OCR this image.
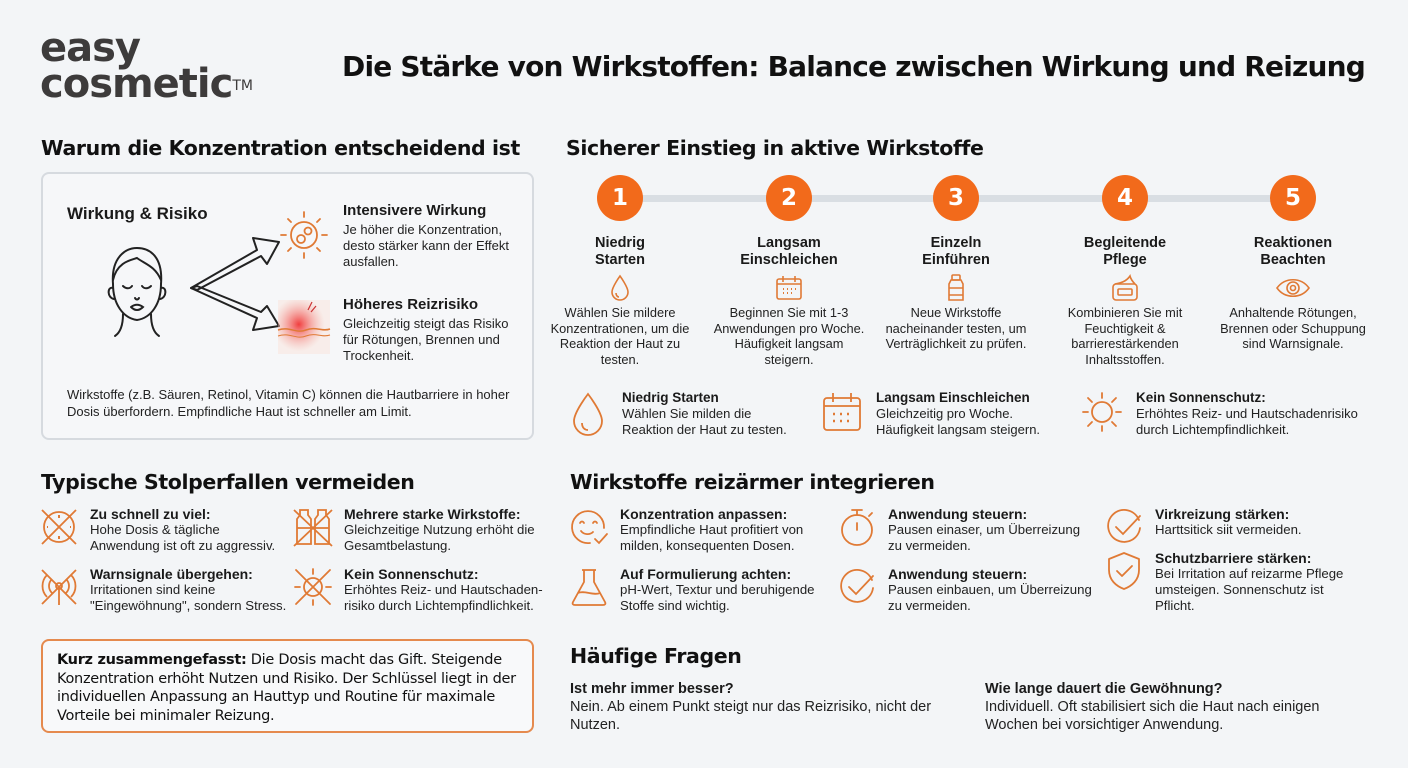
easy
cosmetic™
Die Stärke von Wirkstoffen: Balance zwischen Wirkung und Reizung
Warum die Konzentration entscheidend ist
Wirkung & Risiko	Intensivere Wirkung
Je höher die Konzentration, desto stärker kann der Effekt ausfallen.
Höheres Reizrisiko
Gleichzeitig steigt das Risiko für Rötungen, Brennen und Trockenheit.
Wirkstoffe (z.B. Säuren, Retinol, Vitamin C) können die Hautbarriere in hoher Dosis überfordern. Empfindliche Haut ist schneller am Limit.
Sicherer Einstieg in aktive Wirkstoffe
1
Niedrig
Starten
Wählen Sie mildere Konzentrationen, um die Reaktion der Haut zu testen.
2
Langsam
Einschleichen
Beginnen Sie mit 1-3 Anwendungen pro Woche. Häufigkeit langsam steigern.
3
Einzeln
Einführen
Neue Wirkstoffe nacheinander testen, um Verträglichkeit zu prüfen.
4
Begleitende
Pflege
Kombinieren Sie mit Feuchtigkeit & barrierestärkenden Inhaltsstoffen.
5
Reaktionen
Beachten
Anhaltende Rötungen, Brennen oder Schuppung sind Warnsignale.
Niedrig Starten
Wählen Sie milden die Reaktion der Haut zu testen.
Langsam Einschleichen
Gleichzeitig pro Woche. Häufigkeit langsam steigern.
Kein Sonnenschutz:
Erhöhtes Reiz- und Hautschadenrisiko durch Lichtempfindlichkeit.
Typische Stolperfallen vermeiden
Zu schnell zu viel:
Hohe Dosis & tägliche Anwendung ist oft zu aggressiv.
Mehrere starke Wirkstoffe:
Gleichzeitige Nutzung erhöht die Gesamtbelastung.
Warnsignale übergehen:
Irritationen sind keine "Eingewöhnung", sondern Stress.
Kein Sonnenschutz:
Erhöhtes Reiz- und Hautschaden-risiko durch Lichtempfindlichkeit.
Kurz zusammengefasst: Die Dosis macht das Gift. Steigende Konzentration erhöht Nutzen und Risiko. Der Schlüssel liegt in der individuellen Anpassung an Hauttyp und Routine für maximale Vorteile bei minimaler Reizung.
Wirkstoffe reizärmer integrieren
Konzentration anpassen:
Empfindliche Haut profitiert von milden, konsequenten Dosen.
Anwendung steuern:
Pausen einaser, um Überreizung zu vermeiden.
Virkreizung stärken:
Harttsitick siit vermeiden.
Auf Formulierung achten:
pH-Wert, Textur und beruhigende Stoffe sind wichtig.
Anwendung steuern:
Pausen einbauen, um Überreizung zu vermeiden.
Schutzbarriere stärken:
Bei Irritation auf reizarme Pflege umsteigen. Sonnenschutz ist Pflicht.
Häufige Fragen
Ist mehr immer besser?
Nein. Ab einem Punkt steigt nur das Reizrisiko, nicht der Nutzen.
Wie lange dauert die Gewöhnung?
Individuell. Oft stabilisiert sich die Haut nach einigen Wochen bei vorsichtiger Anwendung.
